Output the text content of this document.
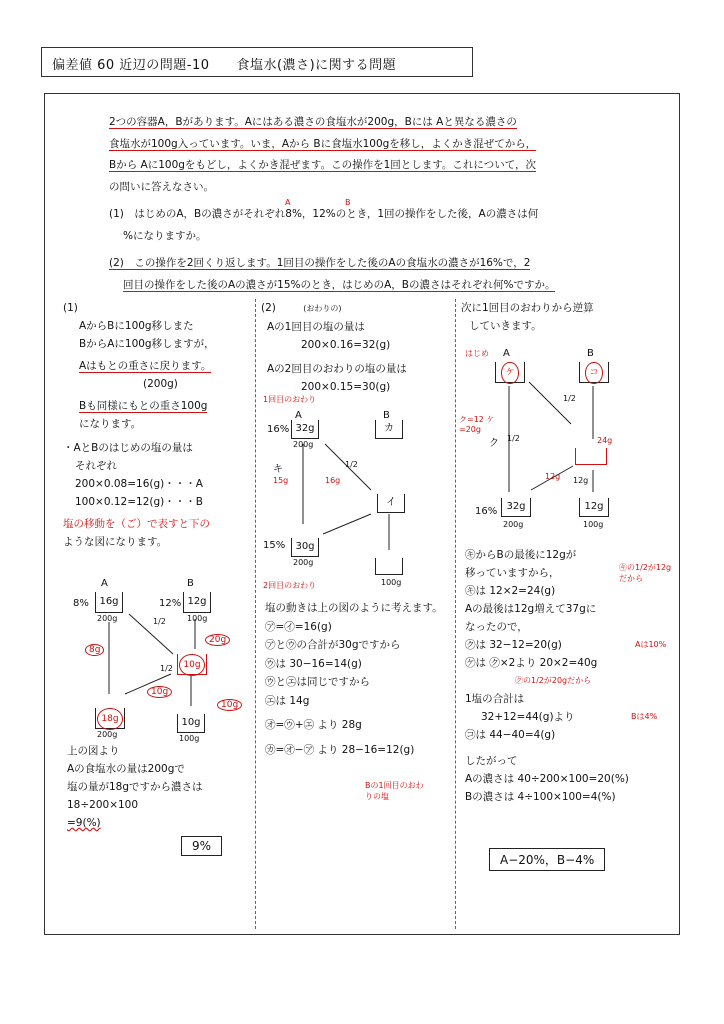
偏差値 60 近辺の問題-10　　食塩水(濃さ)に関する問題

2つの容器A，Bがあります。Aにはある濃さの食塩水が200g，Bには Aと異なる濃さの

食塩水が100g入っています。いま，Aから Bに食塩水100gを移し，よくかき混ぜてから，

Bから Aに100gをもどし，よくかき混ぜます。この操作を1回とします。これについて，次

の問いに答えなさい。

(1)　はじめのA，Bの濃さがそれぞれ8%，12%のとき，1回の操作をした後，Aの濃さは何

%になりますか。

(2)　この操作を2回くり返します。1回目の操作をした後のAの食塩水の濃さが16%で，2

回目の操作をした後のAの濃さが15%のとき，はじめのA，Bの濃さはそれぞれ何%ですか。

A	B
(1)
AからBに100g移しまた
BからAに100g移しますが，
Aはもとの重さに戻ります。
(200g)
Bも同様にもとの重さ100g
になります。
・AとBのはじめの塩の量は
それぞれ
200×0.08=16(g)・・・A
100×0.12=12(g)・・・B
塩の移動を（ご）で表すと下の
ような図になります。
A	B
8%	16g
200g
12% 12g
100g
1/2
8g
20g
10g
1/2
10g
10g
18g
200g
10g
100g
上の図より
Aの食塩水の量は200gで
塩の量が18gですから濃さは
18÷200×100
=9(%)
9%
(2)	(おわりの)
Aの1回目の塩の量は
200×0.16=32(g)
Aの2回目のおわりの塩の量は
200×0.15=30(g)
1回目のおわり
A	B
16% 32g
200g
カ
キ
15g	16g
1/2
イ
15%	30g
200g
100g
2回目のおわり
塩の動きは上の図のように考えます。
㋐=㋑=16(g)
㋐と㋒の合計が30gですから
㋒は 30−16=14(g)
㋒と㋓は同じですから
㋓は 14g
㋔=㋒+㋓ より 28g
㋕=㋔−㋐ より 28−16=12(g)
Bの1回目のおわりの塩
次に1回目のおわりから逆算
していきます。
はじめ A	B
ケ	コ
ク=12 ケ=20g
ク 1/2
1/2
24g
12g 12g
16% 32g
200g
12g
100g
㋖からBの最後に12gが
移っていますから，
㋖は 12×2=24(g)
Aの最後は12g増えて37gに
なったので，
㋗は 32−12=20(g)
㋘は ㋗×2より 20×2=40g
㋗の1/2が20gだから
1塩の合計は
32+12=44(g)より
㋙は 44−40=4(g)
したがって
Aの濃さは 40÷200×100=20(%)
Bの濃さは 4÷100×100=4(%)
㋖の1/2が12g だから
Aは10%
Bは4%
A−20%，B−4%
